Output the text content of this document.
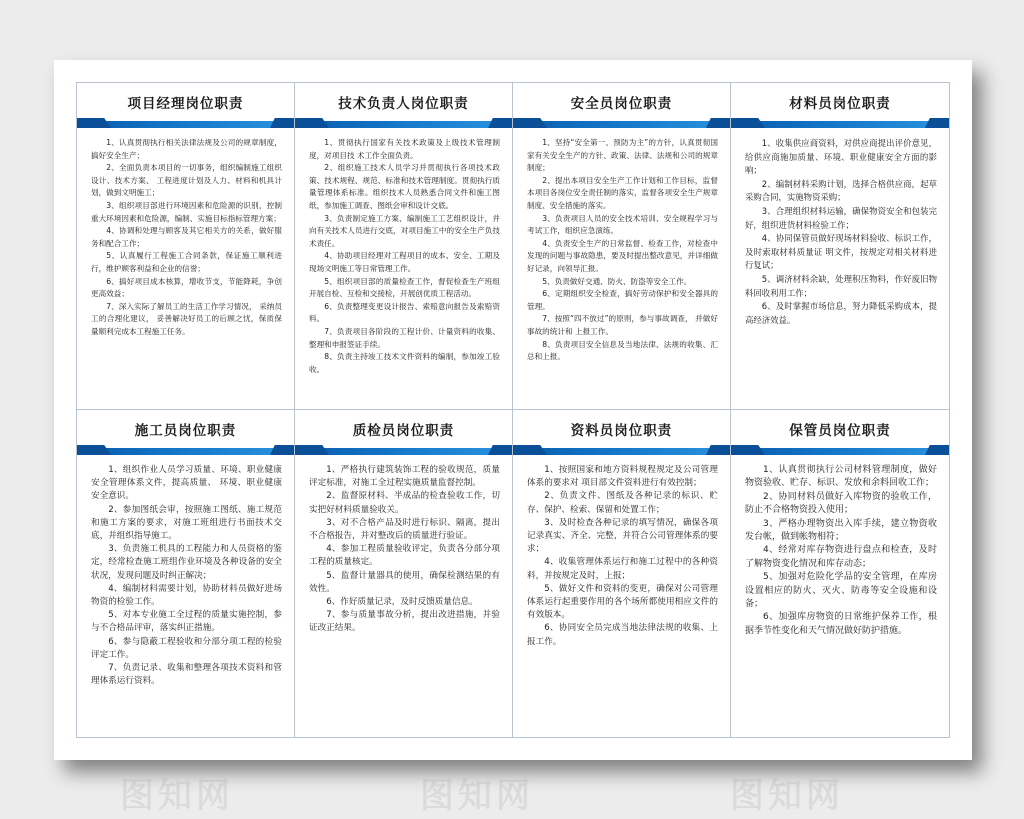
项目经理岗位职责

1、认真贯彻执行相关法律法规及公司的规章制度，搞好安全生产；

2、全面负责本项目的一切事务，组织编制施工组织设计、技术方案、 工程进度计划及人力、材料和机具计划，做到文明施工；

3、组织项目部进行环境因素和危险源的识别，控制重大环境因素和危险源，编制、实施目标指标管理方案；

4、协调和处理与顾客及其它相关方的关系，做好服务和配合工作；

5、认真履行工程施工合同条款，保证施工顺利进行，维护顾客利益和企业的信誉；

6、搞好项目成本核算，增收节支，节能降耗，争创更高效益；

7、深入实际了解员工的生活工作学习情况， 采纳员工的合理化建议， 妥善解决好员工的后顾之忧，保质保量顺利完成本工程施工任务。

技术负责人岗位职责

1、贯彻执行国家有关技术政策及上级技术管理制度，对项目技 术工作全面负责。

2、组织施工技术人员学习并贯彻执行各项技术政策、技术规程、规范、标准和技术管理制度。贯彻执行质量管理体系标准。组织技术人员熟悉合同文件和施工图纸，参加施工调查、图纸会审和设计交底。

3、负责制定施工方案、编制施工工艺组织设计，并向有关技术人员进行交底，对项目施工中的安全生产负技术责任。

4、协助项目经理对工程项目的成本、安全、工期及现场文明施工等日常管理工作。

5、组织项目部的质量检查工作，督促检查生产班组开展自检、互检和交接检，开展创优质工程活动。

6、负责整理变更设计报告、索赔意向报告及索赔资料。

7、负责项目各阶段的工程计价、计量资料的收集、整理和申报签证手续。

8、负责主持竣工技术文件资料的编制，参加竣工验收。

安全员岗位职责

1、坚持“安全第一、预防为主”的方针，认真贯彻国家有关安全生产的方针、政策、法律、法规和公司的规章制度；

2、提出本项目安全生产工作计划和工作目标，监督本项目各岗位安全责任制的落实，监督各项安全生产规章制度、安全措施的落实。

3、负责项目人员的安全技术培训、安全规程学习与考试工作，组织应急演练。

4、负责安全生产的日常监督、检查工作，对检查中发现的问题与事故隐患，要及时提出整改意见，并详细做好记录，向领导汇报。

5、负责做好交通、防火、防盗等安全工作。

6、定期组织安全检查，搞好劳动保护和安全器具的管理。

7、按照“四不放过”的原则，参与事故调查， 并做好事故的统计和 上报工作。

8、负责项目安全信息及当地法律、法规的收集、汇总和上报。

材料员岗位职责

1、收集供应商资料，对供应商提出评价意见，给供应商施加质量、环境、职业健康安全方面的影响；

2、编制材料采购计划，选择合格供应商，起草采购合同，实施物资采购；

3、合理组织材料运输，确保物资安全和包装完好，组织进货材料检验工作；

4、协同保管员做好现场材料验收、标识工作，及时索取材料质量证 明文件，按规定对相关材料进行复试；

5、调济材料余缺，处理积压物料，作好废旧物料回收利用工作；

6、及时掌握市场信息，努力降低采购成本，提高经济效益。

施工员岗位职责

1、组织作业人员学习质量、环境、职业健康安全管理体系文件，提高质量、 环境、职业健康安全意识。

2、参加图纸会审，按照施工图纸、施工规范和施工方案的要求，对施工班组进行书面技术交底，并组织指导施工。

3、负责施工机具的工程能力和人员资格的鉴定，经常检查施工班组作业环境及各种设备的安全状况，发现问题及时纠正解决；

4、编制材料需要计划，协助材料员做好进场物资的检验工作。

5、对本专业施工全过程的质量实施控制，参与不合格品评审，落实纠正措施。

6、参与隐蔽工程验收和分部分项工程的检验评定工作。

7、负责记录、收集和整理各项技术资料和管理体系运行资料。

质检员岗位职责

1、严格执行建筑装饰工程的验收规范，质量评定标准，对施工全过程实施质量监督控制。

2、监督原材料、半成品的检查验收工作，切实把好材料质量验收关。

3、对不合格产品及时进行标识、隔离，提出不合格报告，并对整改后的质量进行验证。

4、参加工程质量验收评定，负责各分部分项工程的质量核定。

5、监督计量器具的使用，确保检测结果的有效性。

6、作好质量记录，及时反馈质量信息。

7、参与质量事故分析，提出改进措施，并验证改正结果。

资料员岗位职责

1、按照国家和地方资料规程规定及公司管理体系的要求对 项目部文件资料进行有效控制；

2、负责文件、图纸及各种记录的标识、贮存、保护、检索、保留和处置工作；

3、及时检查各种记录的填写情况，确保各项记录真实、齐全、完整，并符合公司管理体系的要求；

4、收集管理体系运行和施工过程中的各种资料，并按规定及时，上报；

5、做好文件和资料的变更，确保对公司管理体系运行起重要作用的各个场所都使用相应文件的有效版本。

6、协同安全员完成当地法律法规的收集、上报工作。

保管员岗位职责

1、认真贯彻执行公司材料管理制度，做好物资验收、贮存、标识、发放和余料回收工作；

2、协同材料员做好入库物资的验收工作，防止不合格物资投入使用；

3、严格办理物资出入库手续，建立物资收发台帐，做到帐物相符；

4、经常对库存物资进行盘点和检查，及时了解物资变化情况和库存动态；

5、加强对危险化学品的安全管理，在库房设置相应的防火、灭火、防毒等安全设施和设备；

6、加强库房物资的日常维护保养工作，根据季节性变化和天气情况做好防护措施。

图知网	图知网	图知网
